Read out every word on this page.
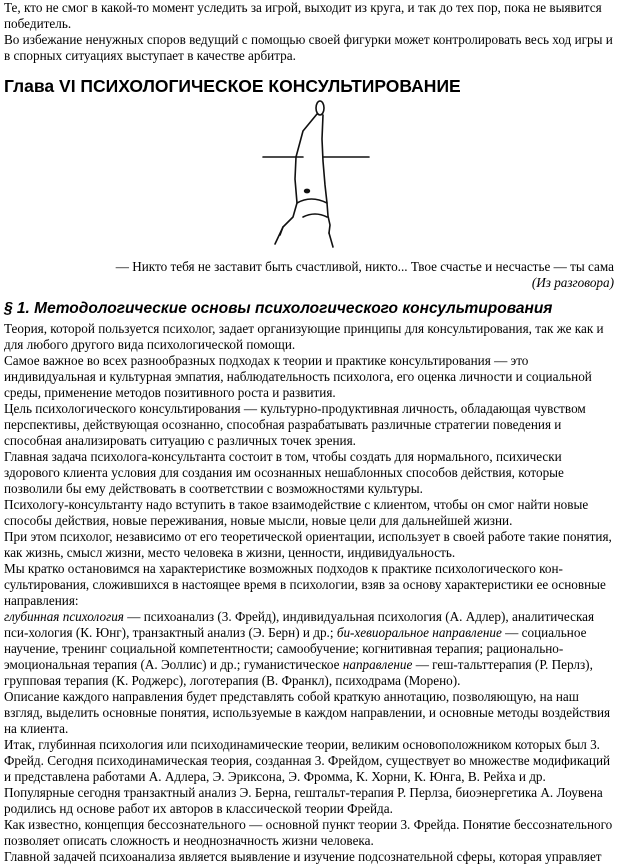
Те, кто не смог в какой-то момент уследить за игрой, выходит из круга, и так до тех пор, пока не выявится победитель.

Во избежание ненужных споров ведущий с помощью своей фигурки может контролировать весь ход игры и в спорных ситуациях выступает в качестве арбитра.

Глава VI ПСИХОЛОГИЧЕСКОЕ КОНСУЛЬТИРОВАНИЕ

— Никто тебя не заставит быть счастливой, никто... Твое счастье и несчастье — ты сама

(Из разговора)

§ 1. Методологические основы психологического консультирования

Теория, которой пользуется психолог, задает организующие принципы для консультирования, так же как и для любого другого вида психологической помощи.

Самое важное во всех разнообразных подходах к теории и практике консультирования — это индивидуальная и культурная эмпатия, наблюдательность психолога, его оценка личности и социальной среды, применение методов позитивного роста и развития.

Цель психологического консультирования — культурно-продуктивная личность, обладающая чувством перспективы, действующая осознанно, способная разрабатывать различные стратегии поведения и способная анализировать ситуацию с различных точек зрения.

Главная задача психолога-консультанта состоит в том, чтобы создать для нормального, психически здорового клиента условия для создания им осознанных нешаблонных способов действия, которые позволили бы ему действовать в соответствии с возможностями культуры.

Психологу-консультанту надо вступить в такое взаимодействие с клиентом, чтобы он смог найти новые способы действия, новые переживания, новые мысли, новые цели для дальнейшей жизни.

При этом психолог, независимо от его теоретической ориентации, использует в своей работе такие понятия, как жизнь, смысл жизни, место человека в жизни, ценности, индивидуальность.

Мы кратко остановимся на характеристике возможных подходов к практике психологического кон-сультирования, сложившихся в настоящее время в психологии, взяв за основу характеристики ее основные направления:

глубинная психология — психоанализ (3. Фрейд), индивидуальная психология (А. Адлер), аналитическая пси-хология (К. Юнг), транзактный анализ (Э. Берн) и др.; би-хевиоральное направление — социальное научение, тренинг социальной компетентности; самообучение; когнитивная терапия; рационально-эмоциональная терапия (А. Эоллис) и др.; гуманистическое направление — геш-тальттерапия (Р. Перлз), групповая терапия (К. Роджерс), логотерапия (В. Франкл), психодрама (Морено).

Описание каждого направления будет представлять собой краткую аннотацию, позволяющую, на наш взгляд, выделить основные понятия, используемые в каждом направлении, и основные методы воздействия на клиента.

Итак, глубинная психология или психодинамические теории, великим основоположником которых был 3. Фрейд. Сегодня психодинамическая теория, созданная 3. Фрейдом, существует во множестве модификаций и представлена работами А. Адлера, Э. Эриксона, Э. Фромма, К. Хорни, К. Юнга, В. Рейха и др. Популярные сегодня транзактный анализ Э. Берна, гештальт-терапия Р. Перлза, биоэнергетика А. Лоувена родились нд основе работ их авторов в классической теории Фрейда.

Как известно, концепция бессознательного — основной пункт теории 3. Фрейда. Понятие бессознательного позволяет описать сложность и неоднозначность жизни человека.

Главной задачей психоанализа является выявление и изучение подсознательной сферы, которая управляет
